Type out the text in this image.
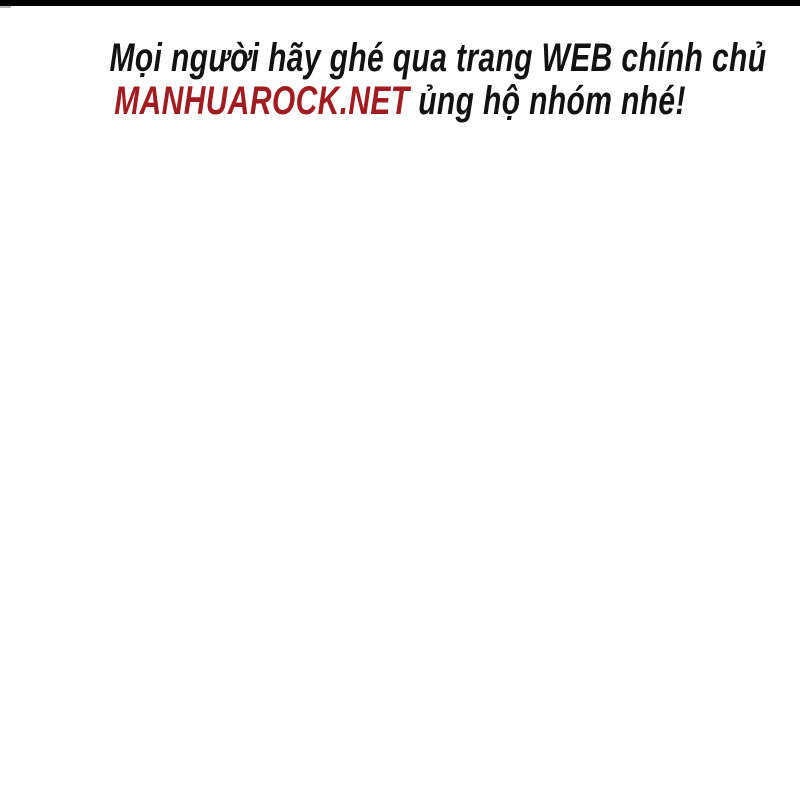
Mọi người hãy ghé qua trang WEB chính chủ
MANHUAROCK.NET ủng hộ nhóm nhé!
